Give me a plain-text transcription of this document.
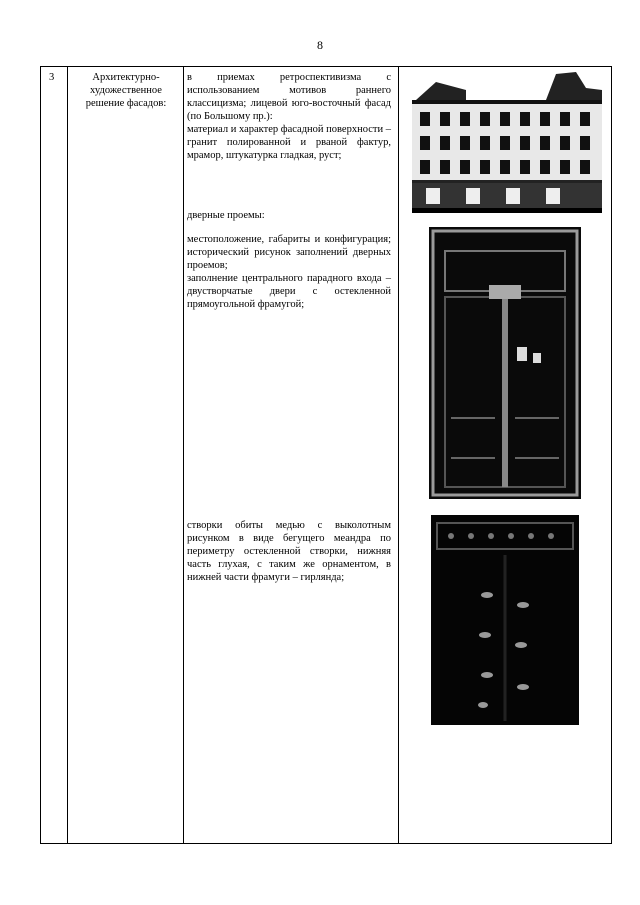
8
3	Архитектурно-художественное решение фасадов:

в приемах ретроспективизма с использованием мотивов раннего классицизма; лицевой юго-восточный фасад (по Большому пр.):

материал и характер фасадной поверхности – гранит полированной и рваной фактур, мрамор, штукатурка гладкая, руст;

дверные проемы:

местоположение, габариты и конфигурация; исторический рисунок заполнений дверных проемов;

заполнение центрального парадного входа – двустворчатые двери с остекленной прямоугольной фрамугой;

створки обиты медью с выколотным рисунком в виде бегущего меандра по периметру остекленной створки, нижняя часть глухая, с таким же орнаментом, в нижней части фрамуги – гирлянда;
